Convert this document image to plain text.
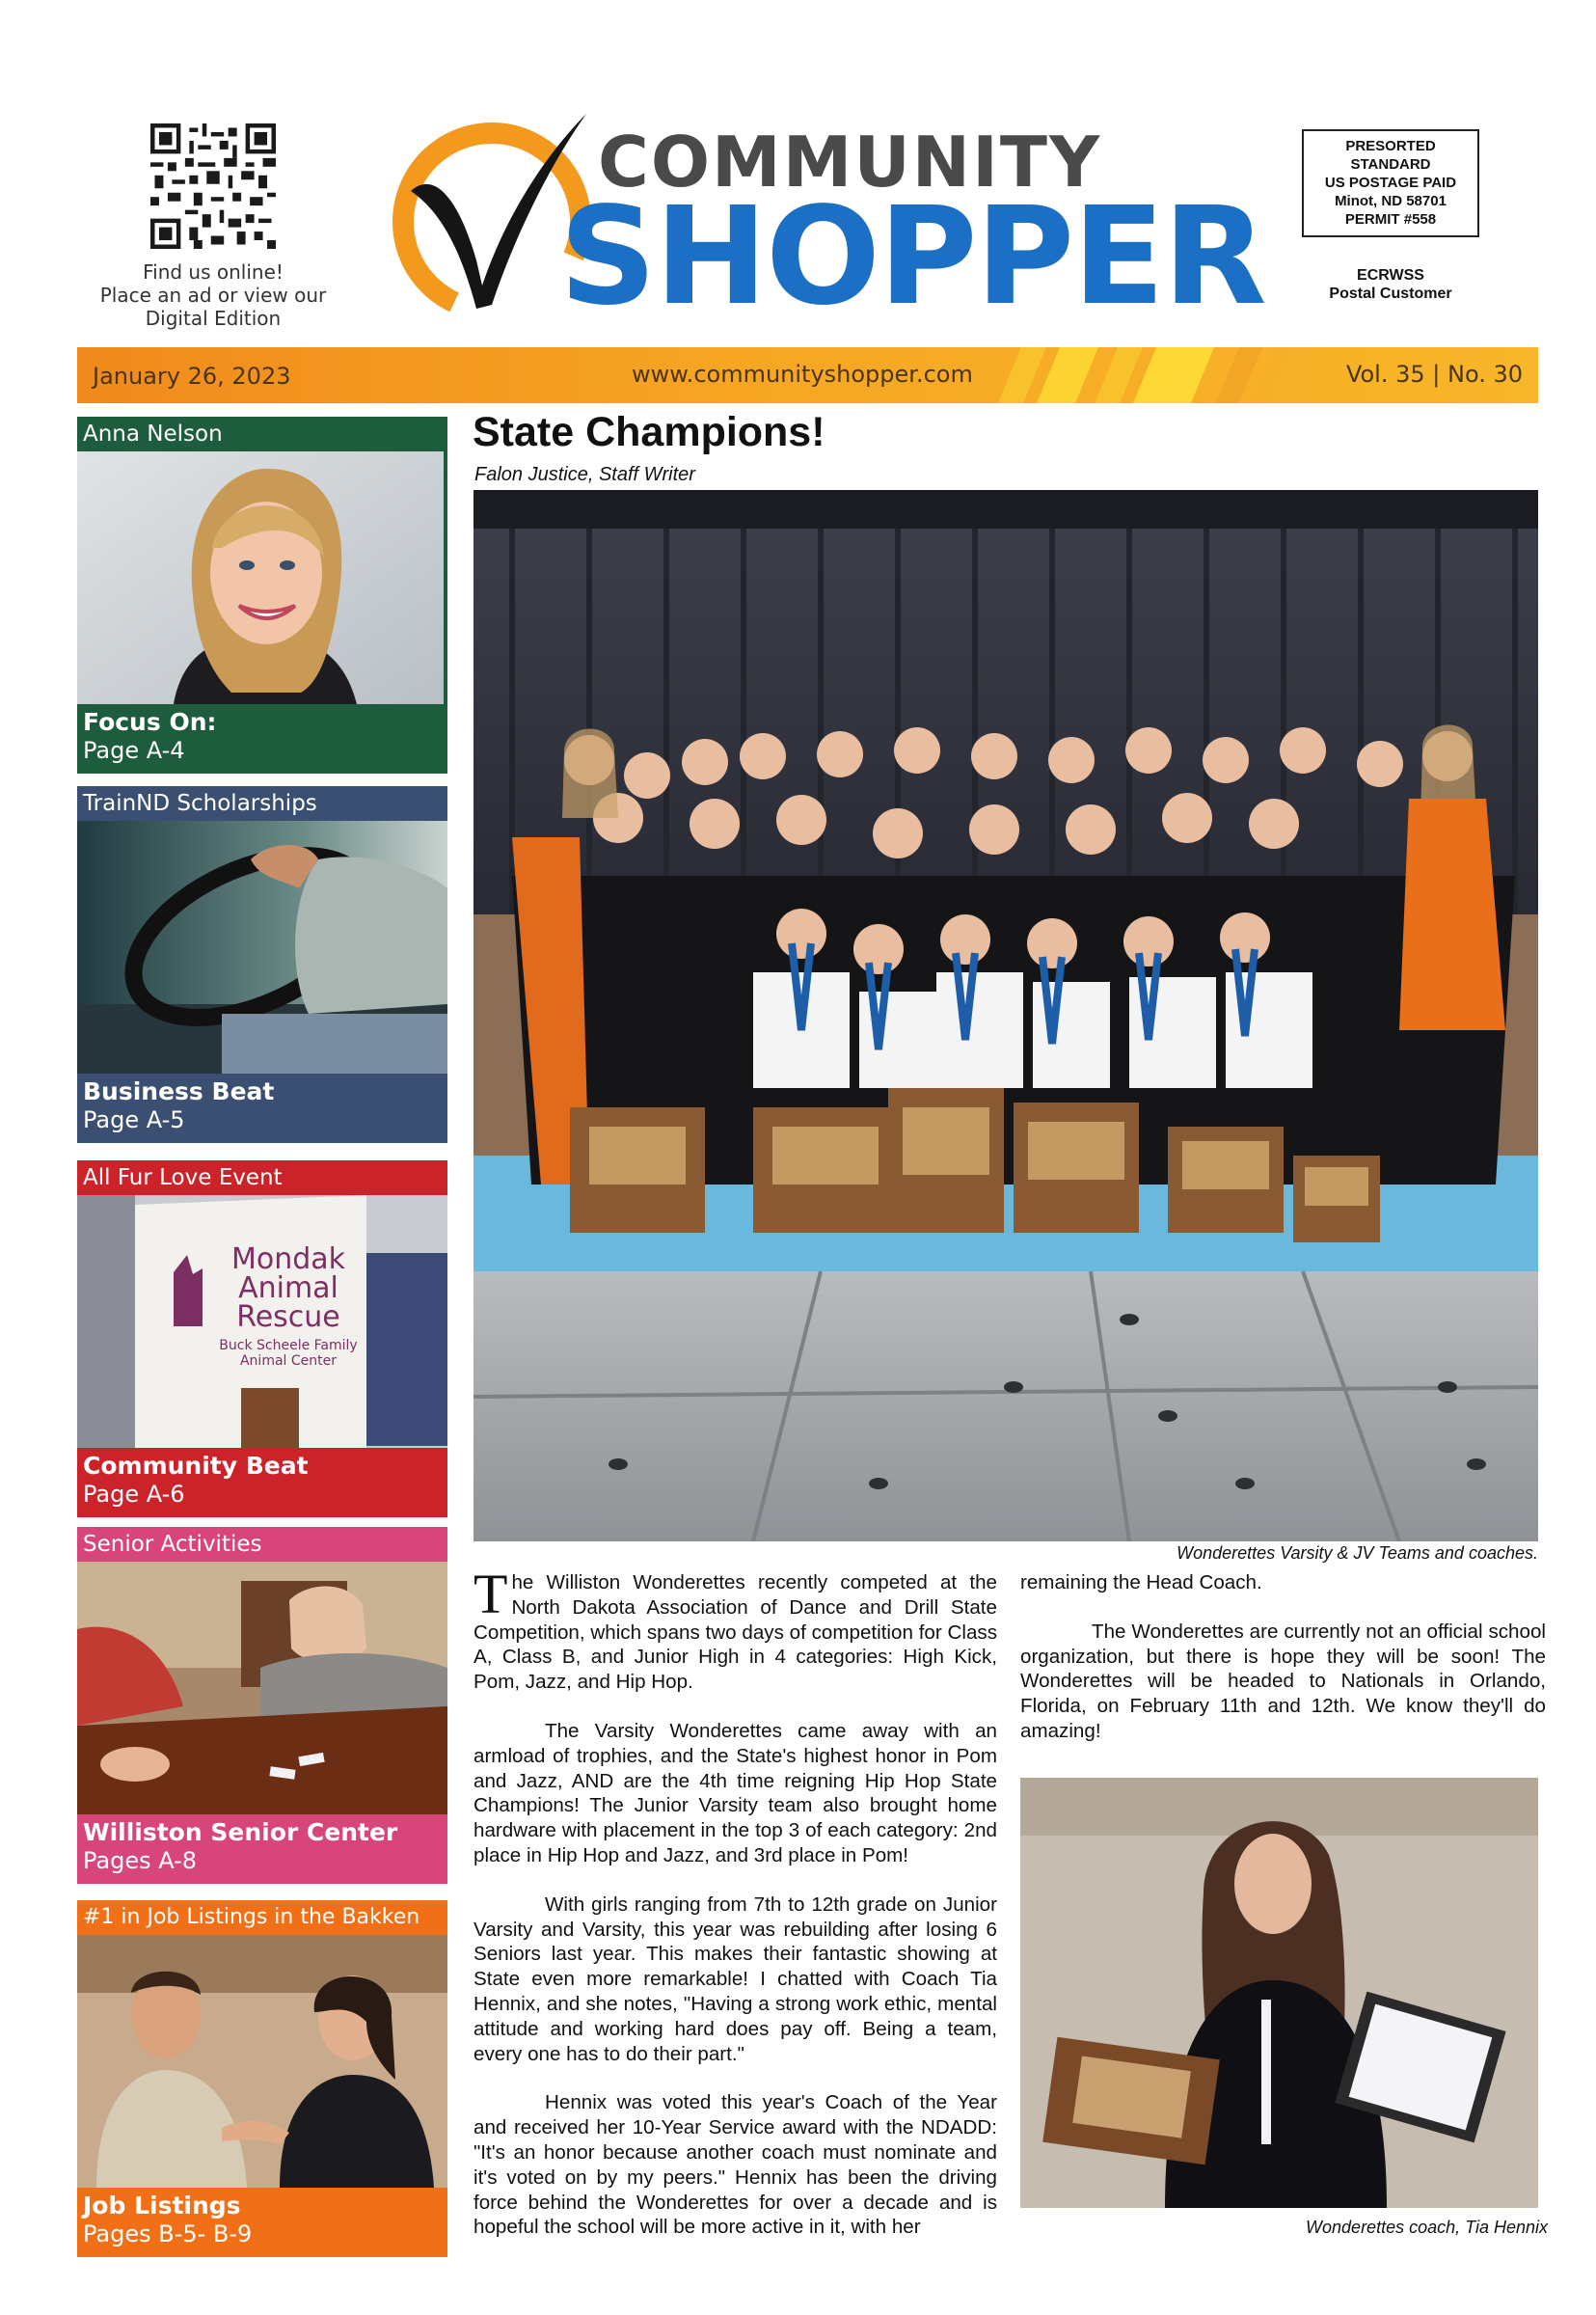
Find us online!
Place an ad or view our
Digital Edition
COMMUNITY
SHOPPER
PRESORTED
STANDARD
US POSTAGE PAID
Minot, ND 58701
PERMIT #558
ECRWSS
Postal Customer
January 26, 2023	www.communityshopper.com	Vol. 35 | No. 30
Anna Nelson
Focus On:
Page A-4
TrainND Scholarships
Business Beat
Page A-5
All Fur Love Event
Mondak
Animal
Rescue
Buck Scheele Family
Animal Center
Community Beat
Page A-6
Senior Activities
Williston Senior Center
Pages A-8
#1 in Job Listings in the Bakken
Job Listings
Pages B-5- B-9
State Champions!
Falon Justice, Staff Writer
Wonderettes Varsity & JV Teams and coaches.

The Williston Wonderettes recently competed at the North Dakota Association of Dance and Drill State Competition, which spans two days of competition for Class A, Class B, and Junior High in 4 categories: High Kick, Pom, Jazz, and Hip Hop.

The Varsity Wonderettes came away with an armload of trophies, and the State's highest honor in Pom and Jazz, AND are the 4th time reigning Hip Hop State Champions! The Junior Varsity team also brought home hardware with placement in the top 3 of each category: 2nd place in Hip Hop and Jazz, and 3rd place in Pom!

With girls ranging from 7th to 12th grade on Junior Varsity and Varsity, this year was rebuilding after losing 6 Seniors last year. This makes their fantastic showing at State even more remarkable! I chatted with Coach Tia Hennix, and she notes, "Having a strong work ethic, mental attitude and working hard does pay off. Being a team, every one has to do their part."

Hennix was voted this year's Coach of the Year and received her 10-Year Service award with the NDADD: "It's an honor because another coach must nominate and it's voted on by my peers." Hennix has been the driving force behind the Wonderettes for over a decade and is hopeful the school will be more active in it, with her

remaining the Head Coach.

The Wonderettes are currently not an official school organization, but there is hope they will be soon! The Wonderettes will be headed to Nationals in Orlando, Florida, on February 11th and 12th. We know they'll do amazing!

Wonderettes coach, Tia Hennix
